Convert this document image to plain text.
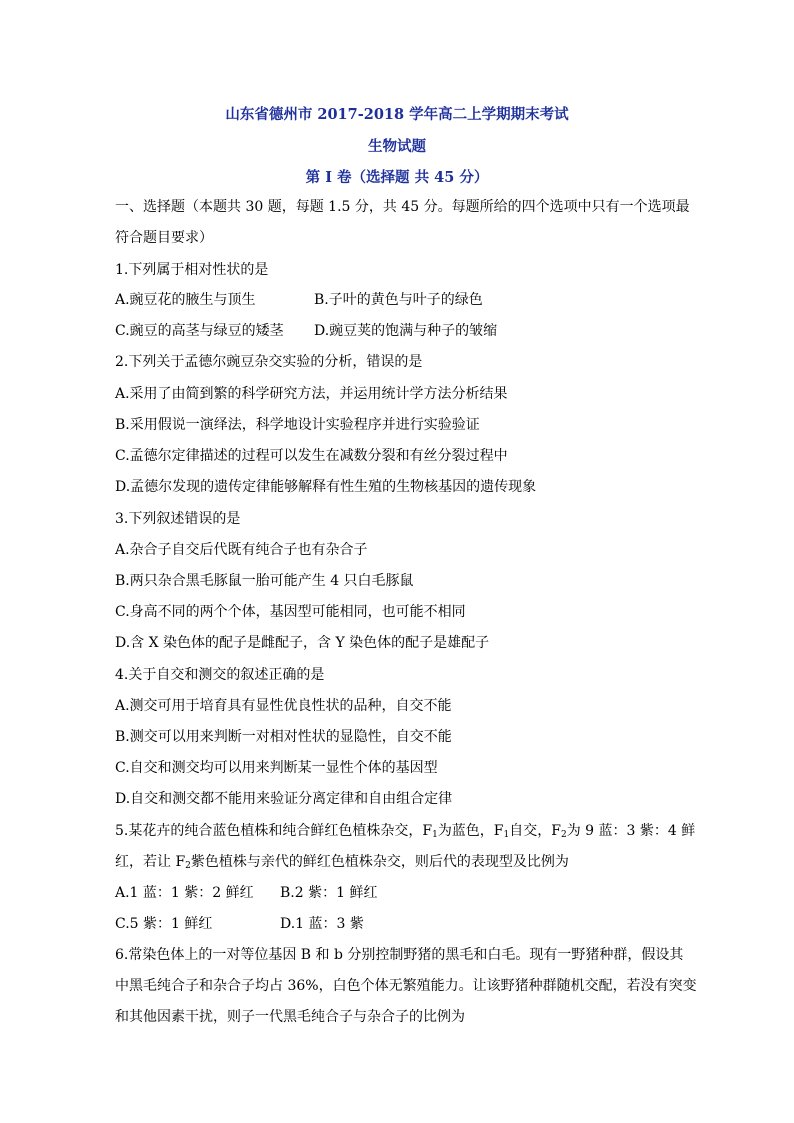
山东省德州市 2017-2018 学年高二上学期期末考试
生物试题
第 I 卷（选择题 共 45 分）
一、选择题（本题共 30 题，每题 1.5 分，共 45 分。每题所给的四个选项中只有一个选项最
符合题目要求）
1.下列属于相对性状的是
A.豌豆花的腋生与顶生	B.子叶的黄色与叶子的绿色
C.豌豆的高茎与绿豆的矮茎 D.豌豆荚的饱满与种子的皱缩
2.下列关于孟德尔豌豆杂交实验的分析，错误的是
A.采用了由简到繁的科学研究方法，并运用统计学方法分析结果
B.采用假说一演绎法，科学地设计实验程序并进行实验验证
C.孟德尔定律描述的过程可以发生在减数分裂和有丝分裂过程中
D.孟德尔发现的遗传定律能够解释有性生殖的生物核基因的遗传现象
3.下列叙述错误的是
A.杂合子自交后代既有纯合子也有杂合子
B.两只杂合黑毛豚鼠一胎可能产生 4 只白毛豚鼠
C.身高不同的两个个体，基因型可能相同，也可能不相同
D.含 X 染色体的配子是雌配子，含 Y 染色体的配子是雄配子
4.关于自交和测交的叙述正确的是
A.测交可用于培育具有显性优良性状的品种，自交不能
B.测交可以用来判断一对相对性状的显隐性，自交不能
C.自交和测交均可以用来判断某一显性个体的基因型
D.自交和测交都不能用来验证分离定律和自由组合定律
5.某花卉的纯合蓝色植株和纯合鲜红色植株杂交，$F_1$为蓝色，$F_1$自交，$F_2$为 9 蓝：3 紫：4 鲜
红，若让 $F_2$紫色植株与亲代的鲜红色植株杂交，则后代的表现型及比例为
A.1 蓝：1 紫：2 鲜红 B.2 紫：1 鲜红
C.5 紫：1 鲜红	D.1 蓝：3 紫
6.常染色体上的一对等位基因 B 和 b 分别控制野猪的黑毛和白毛。现有一野猪种群，假设其
中黑毛纯合子和杂合子均占 36%，白色个体无繁殖能力。让该野猪种群随机交配，若没有突变
和其他因素干扰，则子一代黑毛纯合子与杂合子的比例为
